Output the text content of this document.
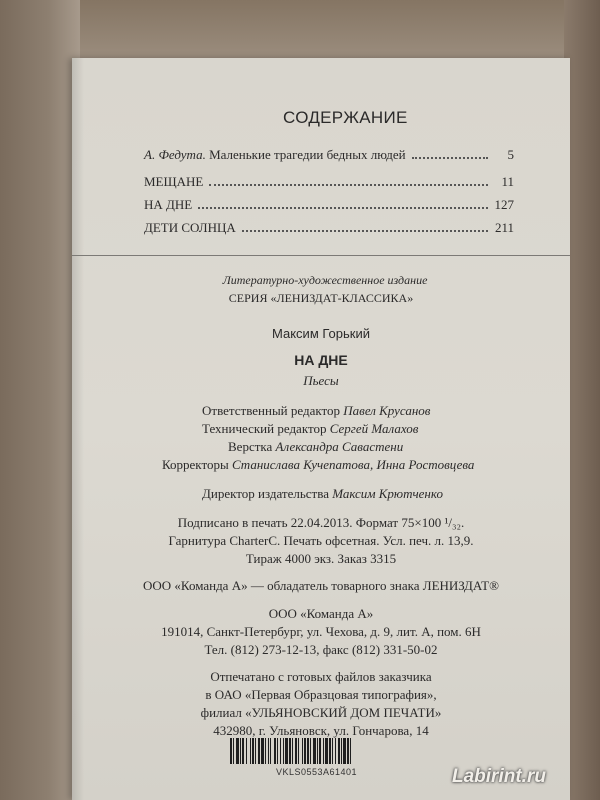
СОДЕРЖАНИЕ
А. Федута. Маленькие трагедии бедных людей	5
МЕЩАНЕ	11
НА ДНЕ	127
ДЕТИ СОЛНЦА	211
Литературно-художественное издание
СЕРИЯ «ЛЕНИЗДАТ-КЛАССИКА»
Максим Горький
НА ДНЕ
Пьесы
Ответственный редактор Павел Крусанов
Технический редактор Сергей Малахов
Верстка Александра Савастени
Корректоры Станислава Кучепатова, Инна Ростовцева
Директор издательства Максим Крютченко
Подписано в печать 22.04.2013. Формат 75×100 ¹/₃₂.
Гарнитура CharterC. Печать офсетная. Усл. печ. л. 13,9.
Тираж 4000 экз. Заказ 3315
ООО «Команда А» — обладатель товарного знака ЛЕНИЗДАТ®
ООО «Команда А»
191014, Санкт-Петербург, ул. Чехова, д. 9, лит. А, пом. 6Н
Тел. (812) 273-12-13, факс (812) 331-50-02
Отпечатано с готовых файлов заказчика
в ОАО «Первая Образцовая типография»,
филиал «УЛЬЯНОВСКИЙ ДОМ ПЕЧАТИ»
432980, г. Ульяновск, ул. Гончарова, 14
VKLS0553A61401	Labirint.ru
